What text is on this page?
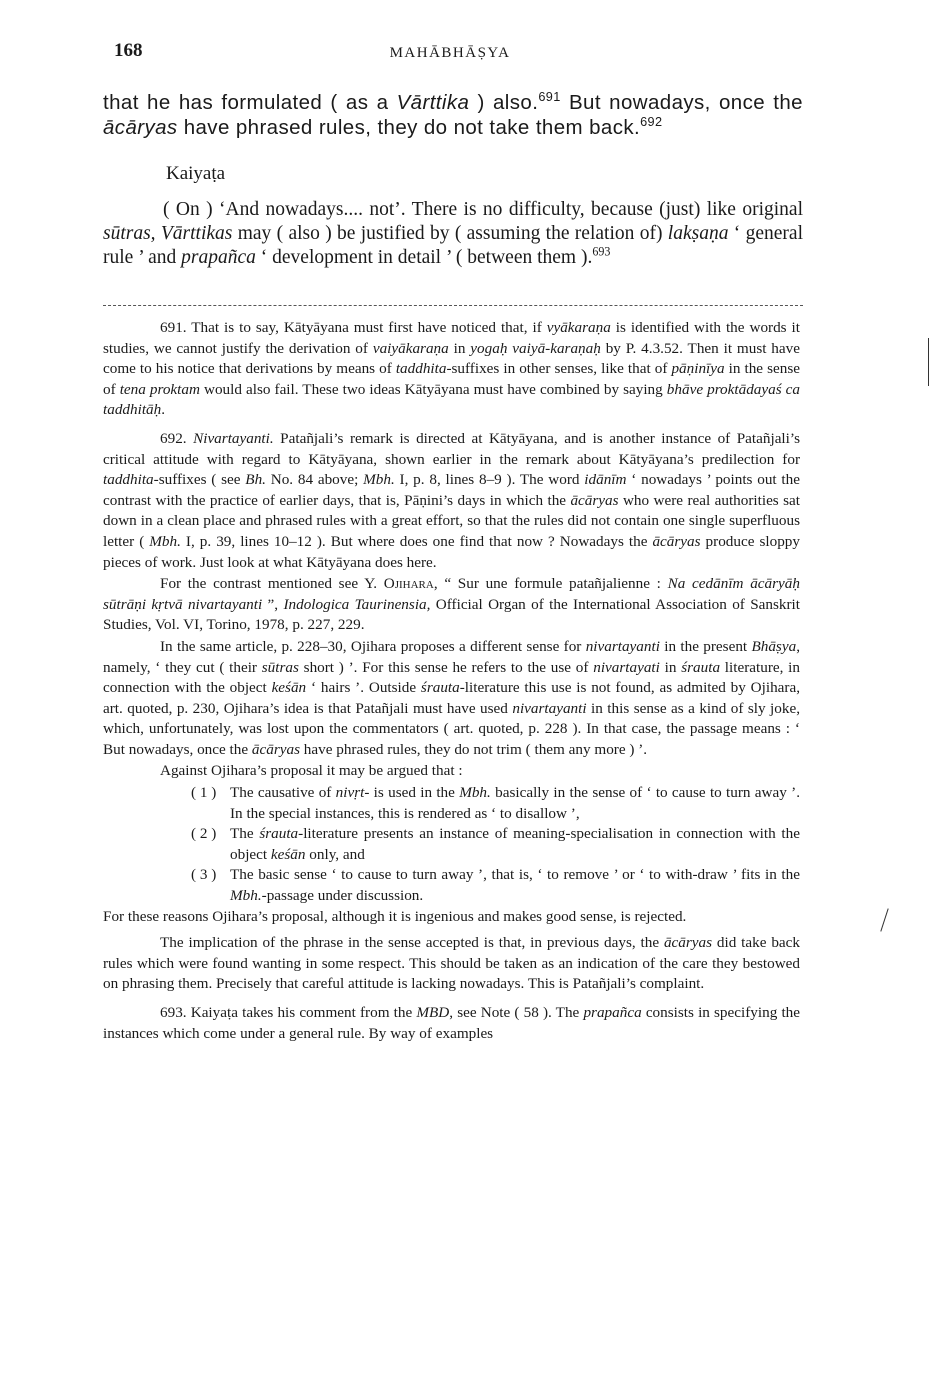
168	MAHĀBHĀṢYA

that he has formulated ( as a Vārttika ) also.$^{691}$ But nowadays, once the ācāryas have phrased rules, they do not take them back.$^{692}$

Kaiyaṭa

( On ) ‘And nowadays.... not’. There is no difficulty, because (just) like original sūtras, Vārttikas may ( also ) be justified by ( assuming the relation of) lakṣaṇa ‘ general rule ’ and prapañca ‘ development in detail ’ ( between them ).$^{693}$

691. That is to say, Kātyāyana must first have noticed that, if vyākaraṇa is identified with the words it studies, we cannot justify the derivation of vaiyākaraṇa in yogaḥ vaiyā-karaṇaḥ by P. 4.3.52. Then it must have come to his notice that derivations by means of taddhita-suffixes in other senses, like that of pāṇinīya in the sense of tena proktam would also fail. These two ideas Kātyāyana must have combined by saying bhāve proktādayaś ca taddhitāḥ.

692. Nivartayanti. Patañjali’s remark is directed at Kātyāyana, and is another instance of Patañjali’s critical attitude with regard to Kātyāyana, shown earlier in the remark about Kātyāyana’s predilection for taddhita-suffixes ( see Bh. No. 84 above; Mbh. I, p. 8, lines 8–9 ). The word idānīm ‘ nowadays ’ points out the contrast with the practice of earlier days, that is, Pāṇini’s days in which the ācāryas who were real authorities sat down in a clean place and phrased rules with a great effort, so that the rules did not contain one single superfluous letter ( Mbh. I, p. 39, lines 10–12 ). But where does one find that now ? Nowadays the ācāryas produce sloppy pieces of work. Just look at what Kātyāyana does here.

For the contrast mentioned see Y. Ojihara, “ Sur une formule patañjalienne : Na cedānīm ācāryāḥ sūtrāṇi kṛtvā nivartayanti ”, Indologica Taurinensia, Official Organ of the International Association of Sanskrit Studies, Vol. VI, Torino, 1978, p. 227, 229.

In the same article, p. 228–30, Ojihara proposes a different sense for nivartayanti in the present Bhāṣya, namely, ‘ they cut ( their sūtras short ) ’. For this sense he refers to the use of nivartayati in śrauta literature, in connection with the object keśān ‘ hairs ’. Outside śrauta-literature this use is not found, as admited by Ojihara, art. quoted, p. 230, Ojihara’s idea is that Patañjali must have used nivartayanti in this sense as a kind of sly joke, which, unfortunately, was lost upon the commentators ( art. quoted, p. 228 ). In that case, the passage means : ‘ But nowadays, once the ācāryas have phrased rules, they do not trim ( them any more ) ’.

Against Ojihara’s proposal it may be argued that :

( 1 ) The causative of nivṛt- is used in the Mbh. basically in the sense of ‘ to cause to turn away ’. In the special instances, this is rendered as ‘ to disallow ’,
( 2 ) The śrauta-literature presents an instance of meaning-specialisation in connection with the object keśān only, and
( 3 ) The basic sense ‘ to cause to turn away ’, that is, ‘ to remove ’ or ‘ to with-draw ’ fits in the Mbh.-passage under discussion.

For these reasons Ojihara’s proposal, although it is ingenious and makes good sense, is rejected.

The implication of the phrase in the sense accepted is that, in previous days, the ācāryas did take back rules which were found wanting in some respect. This should be taken as an indication of the care they bestowed on phrasing them. Precisely that careful attitude is lacking nowadays. This is Patañjali’s complaint.

693. Kaiyaṭa takes his comment from the MBD, see Note ( 58 ). The prapañca consists in specifying the instances which come under a general rule. By way of examples
